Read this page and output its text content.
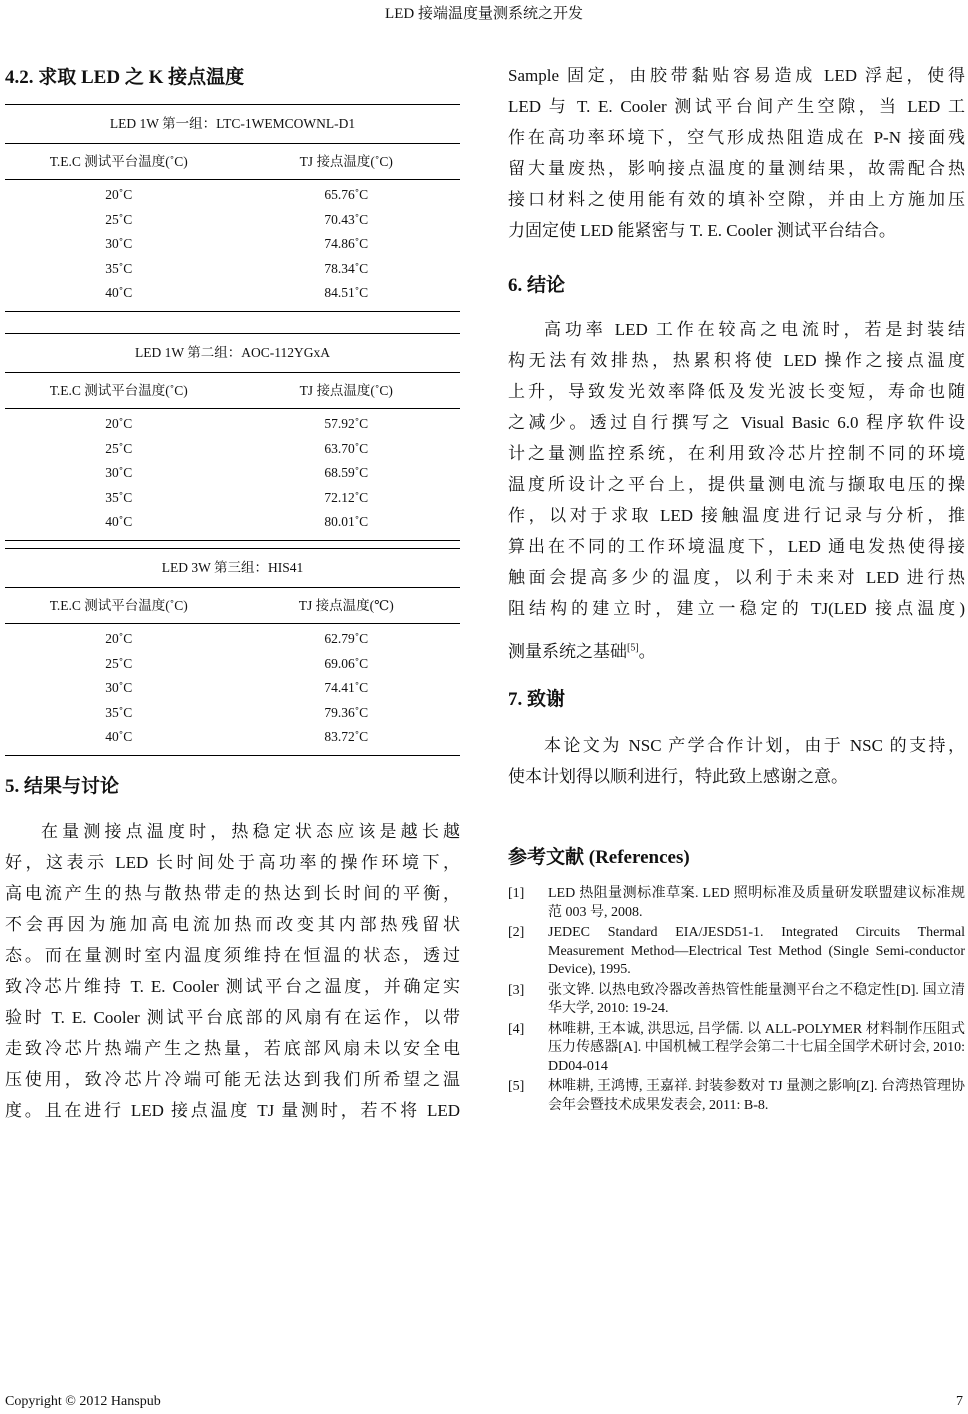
LED 接端温度量测系统之开发
4.2. 求取 LED 之 K 接点温度
LED 1W 第一组：LTC-1WEMCOWNL-D1
T.E.C 测试平台温度(˚C)	TJ 接点温度(˚C)
20˚C	65.76˚C
25˚C	70.43˚C
30˚C	74.86˚C
35˚C	78.34˚C
40˚C	84.51˚C
LED 1W 第二组：AOC-112YGxA
T.E.C 测试平台温度(˚C)	TJ 接点温度(˚C)
20˚C	57.92˚C
25˚C	63.70˚C
30˚C	68.59˚C
35˚C	72.12˚C
40˚C	80.01˚C
LED 3W 第三组：HIS41
T.E.C 测试平台温度(˚C)	TJ 接点温度(℃)
20˚C	62.79˚C
25˚C	69.06˚C
30˚C	74.41˚C
35˚C	79.36˚C
40˚C	83.72˚C
5. 结果与讨论
在量测接点温度时，热稳定状态应该是越长越
好，这表示 LED 长时间处于高功率的操作环境下，
高电流产生的热与散热带走的热达到长时间的平衡，
不会再因为施加高电流加热而改变其内部热残留状
态。而在量测时室内温度须维持在恒温的状态，透过
致冷芯片维持 T. E. Cooler 测试平台之温度，并确定实
验时 T. E. Cooler 测试平台底部的风扇有在运作，以带
走致冷芯片热端产生之热量，若底部风扇未以安全电
压使用，致冷芯片冷端可能无法达到我们所希望之温
度。且在进行 LED 接点温度 TJ 量测时，若不将 LED
Sample 固定，由胶带黏贴容易造成 LED 浮起，使得
LED 与 T. E. Cooler 测试平台间产生空隙，当 LED 工
作在高功率环境下，空气形成热阻造成在 P-N 接面残
留大量废热，影响接点温度的量测结果，故需配合热
接口材料之使用能有效的填补空隙，并由上方施加压
力固定使 LED 能紧密与 T. E. Cooler 测试平台结合。
6. 结论
高功率 LED 工作在较高之电流时，若是封装结
构无法有效排热，热累积将使 LED 操作之接点温度
上升，导致发光效率降低及发光波长变短，寿命也随
之减少。透过自行撰写之 Visual Basic 6.0 程序软件设
计之量测监控系统，在利用致冷芯片控制不同的环境
温度所设计之平台上，提供量测电流与撷取电压的操
作，以对于求取 LED 接触温度进行记录与分析，推
算出在不同的工作环境温度下，LED 通电发热使得接
触面会提高多少的温度，以利于未来对 LED 进行热
阻结构的建立时，建立一稳定的 TJ(LED 接点温度)
测量系统之基础[5]。
7. 致谢
本论文为 NSC 产学合作计划，由于 NSC 的支持，
使本计划得以顺利进行，特此致上感谢之意。
参考文献 (References)
[1]	LED 热阻量测标准草案. LED 照明标准及质量研发联盟建议标准规范 003 号, 2008.
[2]	JEDEC Standard EIA/JESD51-1. Integrated Circuits Thermal Measurement Method—Electrical Test Method (Single Semi-conductor Device), 1995.
[3]	张文铧. 以热电致冷器改善热管性能量测平台之不稳定性[D]. 国立清华大学, 2010: 19-24.
[4]	林唯耕, 王本诚, 洪思远, 吕学儒. 以 ALL-POLYMER 材料制作压阻式压力传感器[A]. 中国机械工程学会第二十七届全国学术研讨会, 2010: DD04-014
[5]	林唯耕, 王鸿博, 王嘉祥. 封装参数对 TJ 量测之影响[Z]. 台湾热管理协会年会暨技术成果发表会, 2011: B-8.
Copyright © 2012 Hanspub	7
